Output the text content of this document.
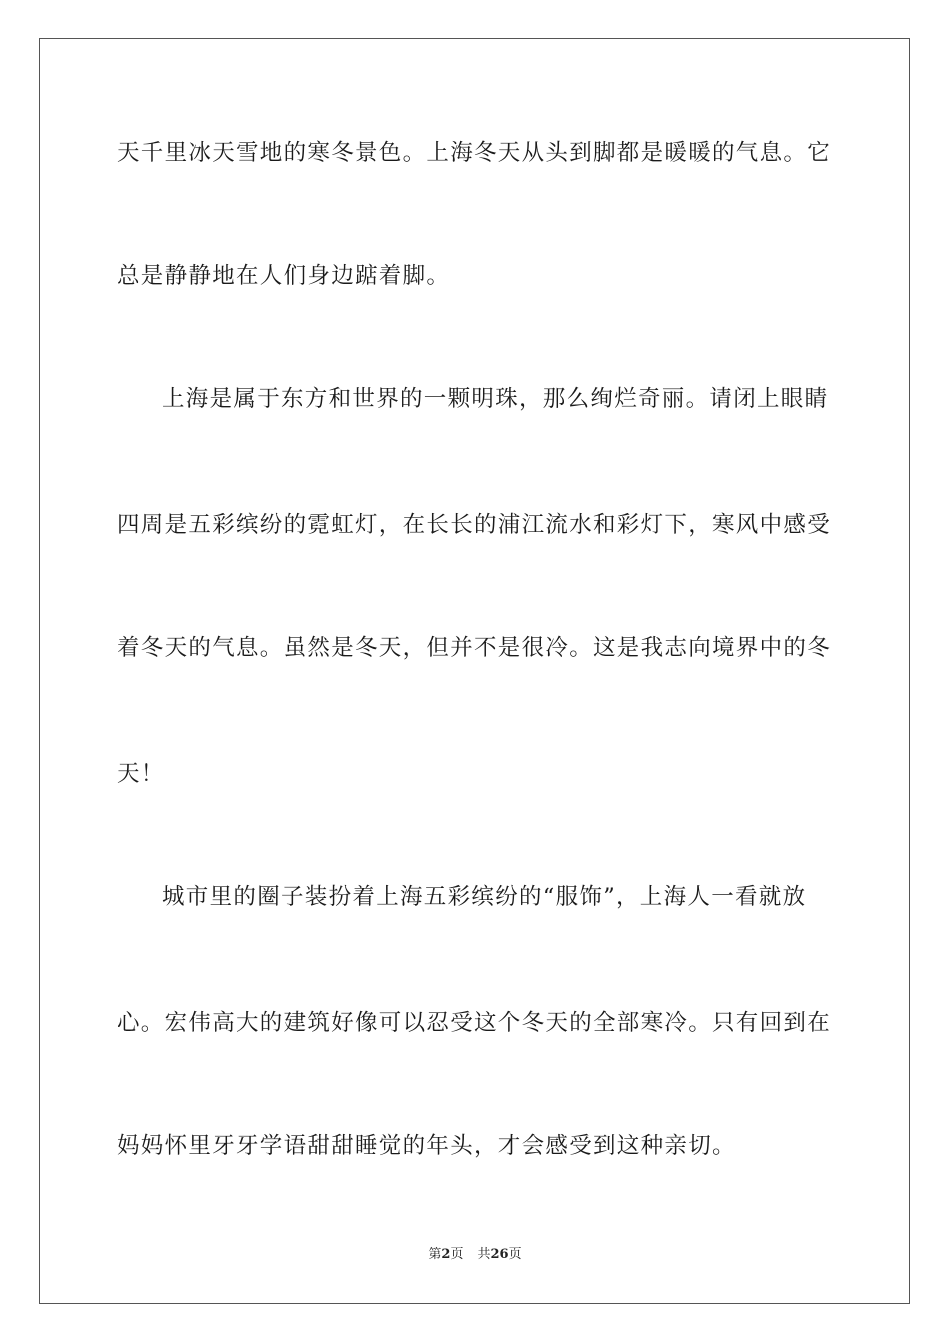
天千里冰天雪地的寒冬景色。上海冬天从头到脚都是暖暖的气息。它
总是静静地在人们身边踮着脚。
上海是属于东方和世界的一颗明珠，那么绚烂奇丽。请闭上眼睛
四周是五彩缤纷的霓虹灯，在长长的浦江流水和彩灯下，寒风中感受
着冬天的气息。虽然是冬天，但并不是很冷。这是我志向境界中的冬
天！
城市里的圈子装扮着上海五彩缤纷的“服饰”，上海人一看就放
心。宏伟高大的建筑好像可以忍受这个冬天的全部寒冷。只有回到在
妈妈怀里牙牙学语甜甜睡觉的年头，才会感受到这种亲切。
第2页 共26页
